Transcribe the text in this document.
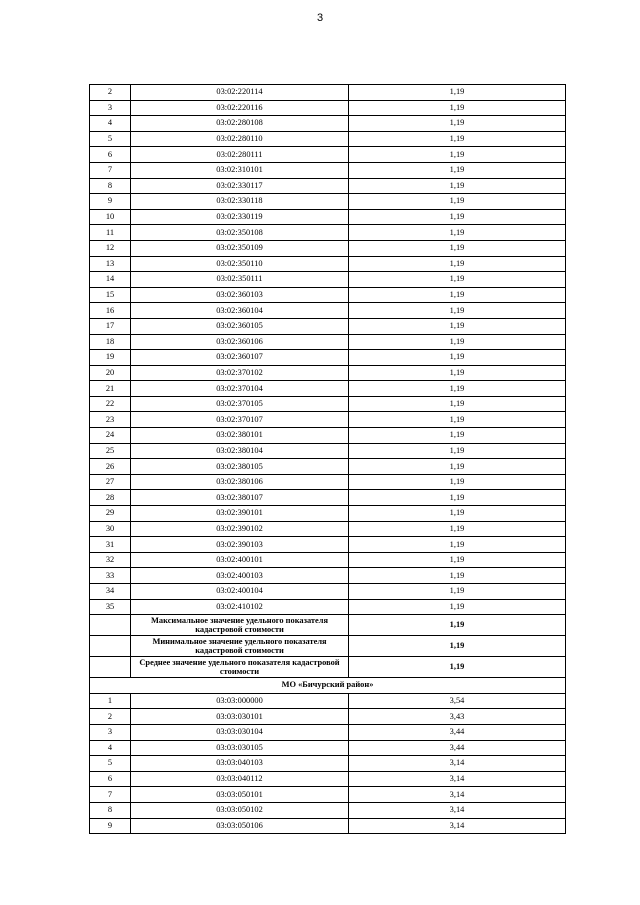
3
2	03:02:220114	1,19
3	03:02:220116	1,19
4	03:02:280108	1,19
5	03:02:280110	1,19
6	03:02:280111	1,19
7	03:02:310101	1,19
8	03:02:330117	1,19
9	03:02:330118	1,19
10	03:02:330119	1,19
11	03:02:350108	1,19
12	03:02:350109	1,19
13	03:02:350110	1,19
14	03:02:350111	1,19
15	03:02:360103	1,19
16	03:02:360104	1,19
17	03:02:360105	1,19
18	03:02:360106	1,19
19	03:02:360107	1,19
20	03:02:370102	1,19
21	03:02:370104	1,19
22	03:02:370105	1,19
23	03:02:370107	1,19
24	03:02:380101	1,19
25	03:02:380104	1,19
26	03:02:380105	1,19
27	03:02:380106	1,19
28	03:02:380107	1,19
29	03:02:390101	1,19
30	03:02:390102	1,19
31	03:02:390103	1,19
32	03:02:400101	1,19
33	03:02:400103	1,19
34	03:02:400104	1,19
35	03:02:410102	1,19
	Максимальное значение удельного показателя кадастровой стоимости	1,19
	Минимальное значение удельного показателя кадастровой стоимости	1,19
	Среднее значение удельного показателя кадастровой стоимости	1,19
МО «Бичурский район»		
1	03:03:000000	3,54
2	03:03:030101	3,43
3	03:03:030104	3,44
4	03:03:030105	3,44
5	03:03:040103	3,14
6	03:03:040112	3,14
7	03:03:050101	3,14
8	03:03:050102	3,14
9	03:03:050106	3,14
